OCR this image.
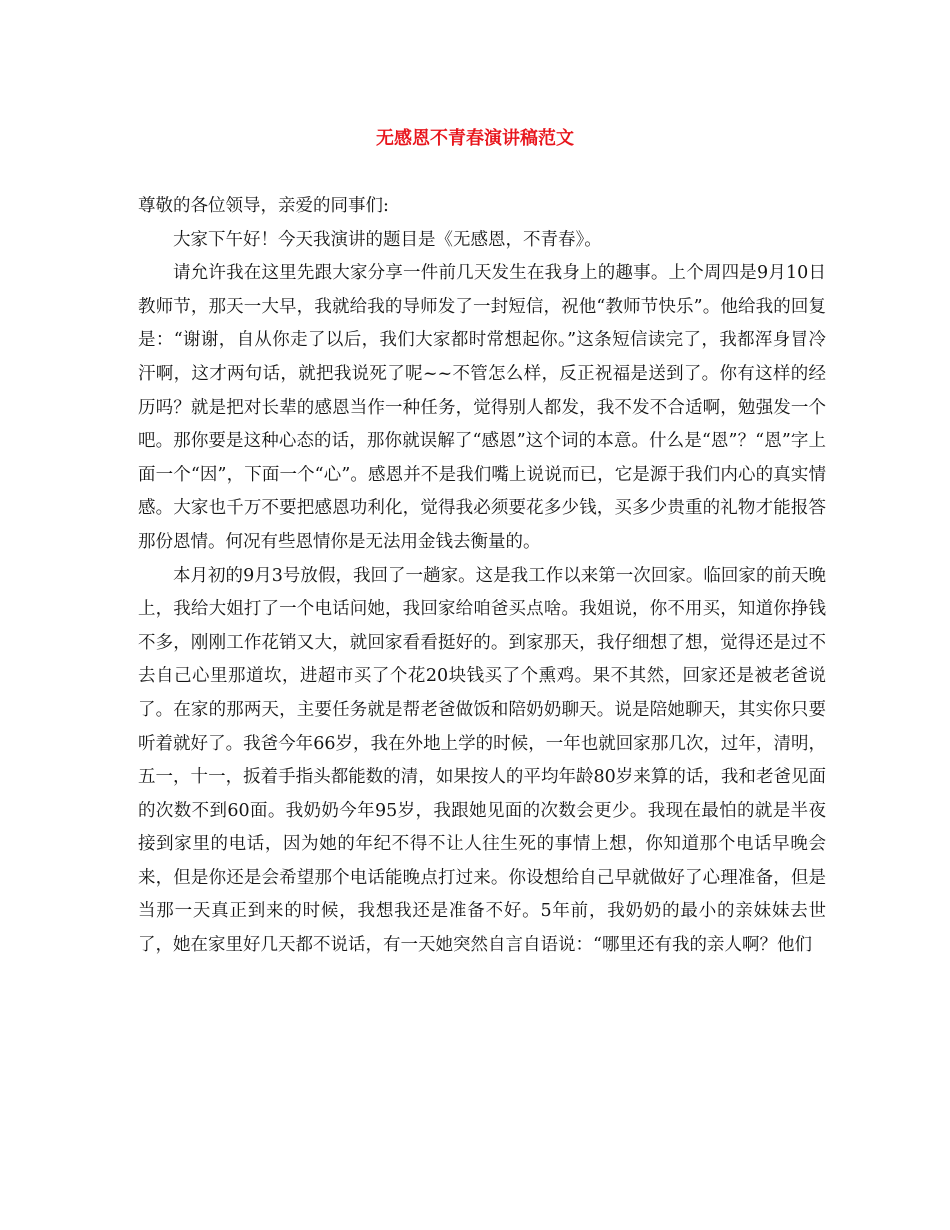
无感恩不青春演讲稿范文

尊敬的各位领导，亲爱的同事们:

大家下午好！今天我演讲的题目是《无感恩，不青春》。

请允许我在这里先跟大家分享一件前几天发生在我身上的趣事。上个周四是9月10日教师节，那天一大早，我就给我的导师发了一封短信，祝他“教师节快乐”。他给我的回复是：“谢谢，自从你走了以后，我们大家都时常想起你。”这条短信读完了，我都浑身冒冷汗啊，这才两句话，就把我说死了呢~~不管怎么样，反正祝福是送到了。你有这样的经历吗？就是把对长辈的感恩当作一种任务，觉得别人都发，我不发不合适啊，勉强发一个吧。那你要是这种心态的话，那你就误解了“感恩”这个词的本意。什么是“恩”？“恩”字上面一个“因”，下面一个“心”。感恩并不是我们嘴上说说而已，它是源于我们内心的真实情感。大家也千万不要把感恩功利化，觉得我必须要花多少钱，买多少贵重的礼物才能报答那份恩情。何况有些恩情你是无法用金钱去衡量的。

本月初的9月3号放假，我回了一趟家。这是我工作以来第一次回家。临回家的前天晚上，我给大姐打了一个电话问她，我回家给咱爸买点啥。我姐说，你不用买，知道你挣钱不多，刚刚工作花销又大，就回家看看挺好的。到家那天，我仔细想了想，觉得还是过不去自己心里那道坎，进超市买了个花20块钱买了个熏鸡。果不其然，回家还是被老爸说了。在家的那两天，主要任务就是帮老爸做饭和陪奶奶聊天。说是陪她聊天，其实你只要听着就好了。我爸今年66岁，我在外地上学的时候，一年也就回家那几次，过年，清明，五一，十一，扳着手指头都能数的清，如果按人的平均年龄80岁来算的话，我和老爸见面的次数不到60面。我奶奶今年95岁，我跟她见面的次数会更少。我现在最怕的就是半夜接到家里的电话，因为她的年纪不得不让人往生死的事情上想，你知道那个电话早晚会来，但是你还是会希望那个电话能晚点打过来。你设想给自己早就做好了心理准备，但是当那一天真正到来的时候，我想我还是准备不好。5年前，我奶奶的最小的亲妹妹去世了，她在家里好几天都不说话，有一天她突然自言自语说：“哪里还有我的亲人啊？他们
